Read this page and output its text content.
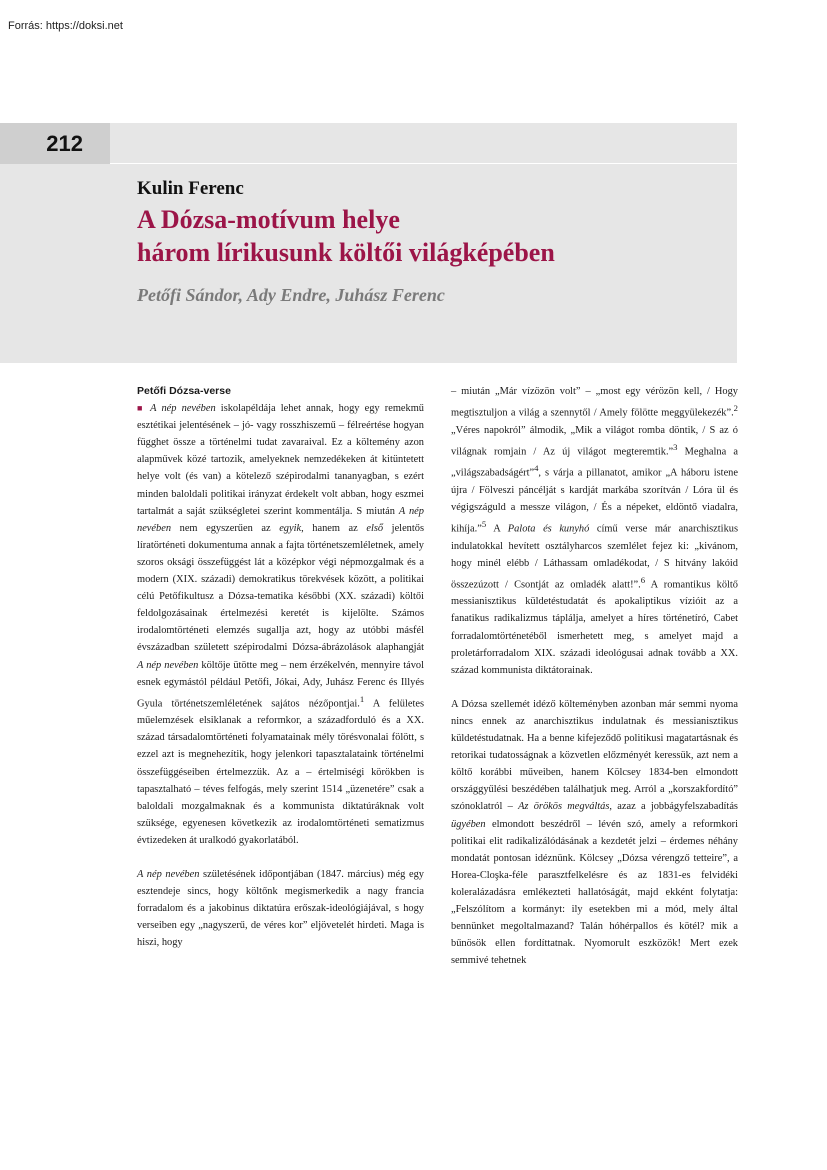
Forrás: https://doksi.net
212
Kulin Ferenc
A Dózsa-motívum helye
három lírikusunk költői világképében
Petőfi Sándor, Ady Endre, Juhász Ferenc
Petőfi Dózsa-verse

■ A nép nevében iskolapéldája lehet annak, hogy egy remekmű esztétikai jelentésének – jó- vagy rosszhiszemű – félreértése hogyan függhet össze a történelmi tudat zavaraival. Ez a költemény azon alapművek közé tartozik, amelyeknek nemzedékeken át kitüntetett helye volt (és van) a kötelező szépirodalmi tananyagban, s ezért minden baloldali politikai irányzat érdekelt volt abban, hogy eszmei tartalmát a saját szükségletei szerint kommentálja. S miután A nép nevében nem egyszerűen az egyik, hanem az első jelentős líratörténeti dokumentuma annak a fajta történetszemléletnek, amely szoros oksági összefüggést lát a középkor végi népmozgalmak és a modern (XIX. századi) demokratikus törekvések között, a politikai célú Petőfikultusz a Dózsa-tematika későbbi (XX. századi) költői feldolgozásainak értelmezési keretét is kijelölte. Számos irodalomtörténeti elemzés sugallja azt, hogy az utóbbi másfél évszázadban született szépirodalmi Dózsa-ábrázolások alaphangját A nép nevében költője ütötte meg – nem érzékelvén, mennyire távol esnek egymástól például Petőfi, Jókai, Ady, Juhász Ferenc és Illyés Gyula történetszemléletének sajátos nézőpontjai.$^1$ A felületes műelemzések elsiklanak a reformkor, a századforduló és a XX. század társadalomtörténeti folyamatainak mély törésvonalai fölött, s ezzel azt is megnehezítik, hogy jelenkori tapasztalataink történelmi összefüggéseiben értelmezzük. Az a – értelmiségi körökben is tapasztalható – téves felfogás, mely szerint 1514 „üzenetére” csak a baloldali mozgalmaknak és a kommunista diktatúráknak volt szüksége, egyenesen következik az irodalomtörténeti sematizmus évtizedeken át uralkodó gyakorlatából.

A nép nevében születésének időpontjában (1847. március) még egy esztendeje sincs, hogy költőnk megismerkedik a nagy francia forradalom és a jakobinus diktatúra erőszak-ideológiájával, s hogy verseiben egy „nagyszerű, de véres kor” eljövetelét hirdeti. Maga is hiszi, hogy

– miután „Már vízözön volt” – „most egy vérözön kell, / Hogy megtisztuljon a világ a szennytől / Amely fölötte meggyülekezék”.$^2$ „Véres napokról” álmodik, „Mik a világot romba döntik, / S az ó világnak romjain / Az új világot megteremtik.”$^3$ Meghalna a „világszabadságért”$^4$, s várja a pillanatot, amikor „A háboru istene újra / Fölveszi páncélját s kardját markába szorítván / Lóra ül és végigszáguld a messze világon, / És a népeket, eldöntő viadalra, kihíja.”$^5$ A Palota és kunyhó című verse már anarchisztikus indulatokkal hevített osztályharcos szemlélet fejez ki: „kivánom, hogy minél elébb / Láthassam omladékodat, / S hitvány lakóid összezúzott / Csontját az omladék alatt!”.$^6$ A romantikus költő messianisztikus küldetéstudatát és apokaliptikus vízióit az a fanatikus radikalizmus táplálja, amelyet a híres történetíró, Cabet forradalomtörténetéből ismerhetett meg, s amelyet majd a proletárforradalom XIX. századi ideológusai adnak tovább a XX. század kommunista diktátorainak.

A Dózsa szellemét idéző költeményben azonban már semmi nyoma nincs ennek az anarchisztikus indulatnak és messianisztikus küldetéstudatnak. Ha a benne kifejeződő politikusi magatartásnak és retorikai tudatosságnak a közvetlen előzményét keressük, azt nem a költő korábbi műveiben, hanem Kölcsey 1834-ben elmondott országgyűlési beszédében találhatjuk meg. Arról a „korszakfordító” szónoklatról – Az örökös megváltás, azaz a jobbágyfelszabadítás ügyében elmondott beszédről – lévén szó, amely a reformkori politikai elit radikalizálódásának a kezdetét jelzi – érdemes néhány mondatát pontosan idéznünk. Kölcsey „Dózsa vérengző tetteire”, a Horea-Cloşka-féle parasztfelkelésre és az 1831-es felvidéki koleralázadásra emlékezteti hallatóságát, majd ekként folytatja: „Felszólítom a kormányt: ily esetekben mi a mód, mely által bennünket megoltalmazand? Talán hóhérpallos és kötél? mik a bűnösök ellen fordíttatnak. Nyomorult eszközök! Mert ezek semmivé tehetnek
